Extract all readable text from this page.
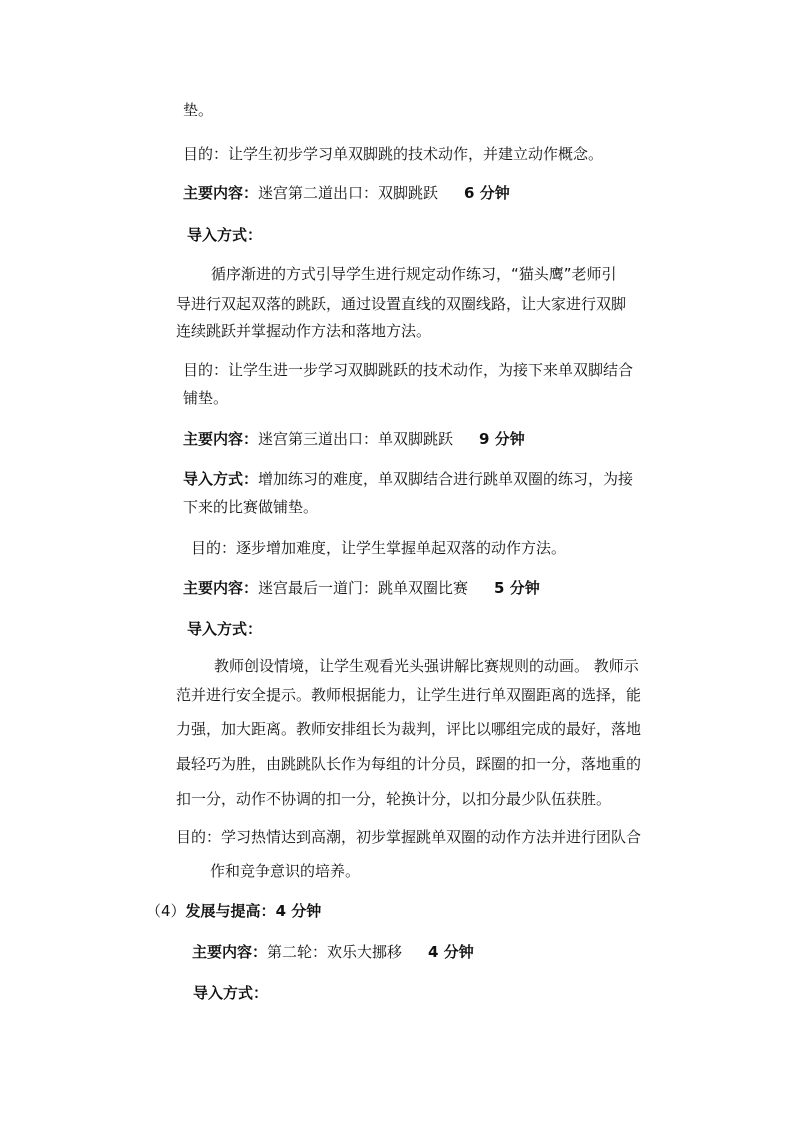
垫。
目的：让学生初步学习单双脚跳的技术动作，并建立动作概念。
主要内容：迷宫第二道出口：双脚跳跃 6 分钟
导入方式：
循序渐进的方式引导学生进行规定动作练习，“猫头鹰”老师引
导进行双起双落的跳跃，通过设置直线的双圈线路，让大家进行双脚
连续跳跃并掌握动作方法和落地方法。
目的：让学生进一步学习双脚跳跃的技术动作，为接下来单双脚结合
铺垫。
主要内容：迷宫第三道出口：单双脚跳跃 9 分钟
导入方式：增加练习的难度，单双脚结合进行跳单双圈的练习，为接
下来的比赛做铺垫。
目的：逐步增加难度，让学生掌握单起双落的动作方法。
主要内容：迷宫最后一道门：跳单双圈比赛 5 分钟
导入方式：
教师创设情境，让学生观看光头强讲解比赛规则的动画。 教师示
范并进行安全提示。教师根据能力，让学生进行单双圈距离的选择，能
力强，加大距离。教师安排组长为裁判，评比以哪组完成的最好，落地
最轻巧为胜，由跳跳队长作为每组的计分员，踩圈的扣一分，落地重的
扣一分，动作不协调的扣一分，轮换计分，以扣分最少队伍获胜。
目的：学习热情达到高潮，初步掌握跳单双圈的动作方法并进行团队合
作和竞争意识的培养。
（4）发展与提高：4 分钟
主要内容：第二轮：欢乐大挪移 4 分钟
导入方式：
